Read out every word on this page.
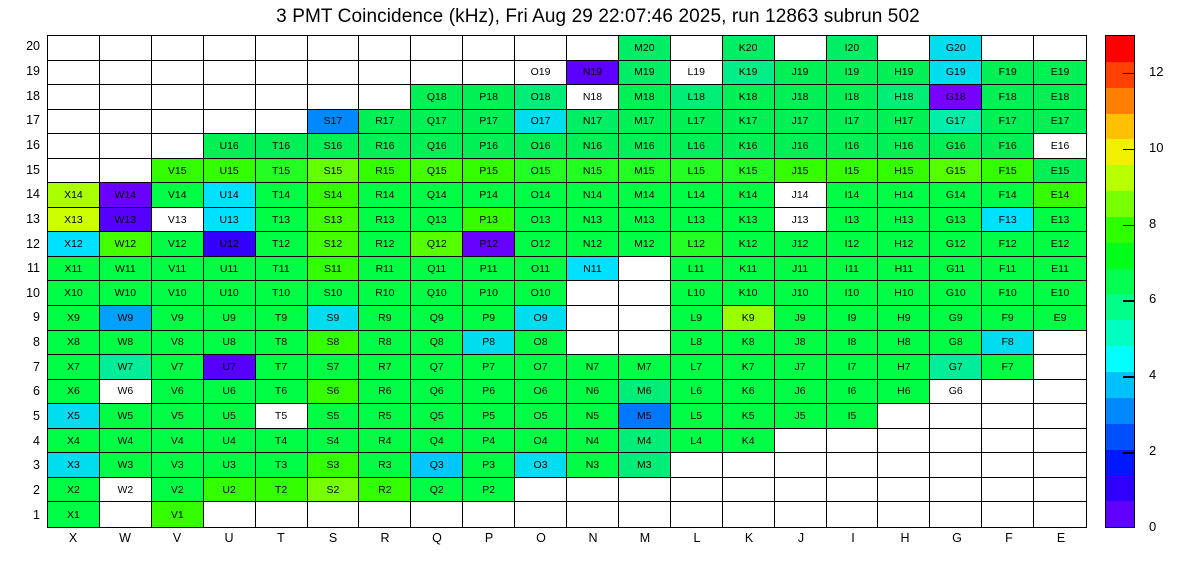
3 PMT Coincidence (kHz), Fri Aug 29 22:07:46 2025, run 12863 subrun 502
M20	K20	I20	G20
O19	N19	M19	L19	K19	J19	I19	H19	G19	F19	E19
Q18	P18	O18	N18	M18	L18	K18	J18	I18	H18	G18	F18	E18
S17	R17	Q17	P17	O17	N17	M17	L17	K17	J17	I17	H17	G17	F17	E17
U16	T16	S16	R16	Q16	P16	O16	N16	M16	L16	K16	J16	I16	H16	G16	F16	E16
V15	U15	T15	S15	R15	Q15	P15	O15	N15	M15	L15	K15	J15	I15	H15	G15	F15	E15
X14	W14	V14	U14	T14	S14	R14	Q14	P14	O14	N14	M14	L14	K14	J14	I14	H14	G14	F14	E14
X13	W13	V13	U13	T13	S13	R13	Q13	P13	O13	N13	M13	L13	K13	J13	I13	H13	G13	F13	E13
X12	W12	V12	U12	T12	S12	R12	Q12	P12	O12	N12	M12	L12	K12	J12	I12	H12	G12	F12	E12
X11	W11	V11	U11	T11	S11	R11	Q11	P11	O11	N11	L11	K11	J11	I11	H11	G11	F11	E11
X10	W10	V10	U10	T10	S10	R10	Q10	P10	O10	L10	K10	J10	I10	H10	G10	F10	E10
X9	W9	V9	U9	T9	S9	R9	Q9	P9	O9	L9	K9	J9	I9	H9	G9	F9	E9
X8	W8	V8	U8	T8	S8	R8	Q8	P8	O8	L8	K8	J8	I8	H8	G8	F8
X7	W7	V7	U7	T7	S7	R7	Q7	P7	O7	N7	M7	L7	K7	J7	I7	H7	G7	F7
X6	W6	V6	U6	T6	S6	R6	Q6	P6	O6	N6	M6	L6	K6	J6	I6	H6	G6
X5	W5	V5	U5	T5	S5	R5	Q5	P5	O5	N5	M5	L5	K5	J5	I5
X4	W4	V4	U4	T4	S4	R4	Q4	P4	O4	N4	M4	L4	K4
X3	W3	V3	U3	T3	S3	R3	Q3	P3	O3	N3	M3
X2	W2	V2	U2	T2	S2	R2	Q2	P2
X1	V1
1
2
3
4
5
6
7
8
9
10
11
12
13
14
15
16
17
18
19
20
X	W	V	U	T	S	R	Q	P	O	N	M	L	K	J	I	H	G	F	E
2
4
6
8
10
12
0
